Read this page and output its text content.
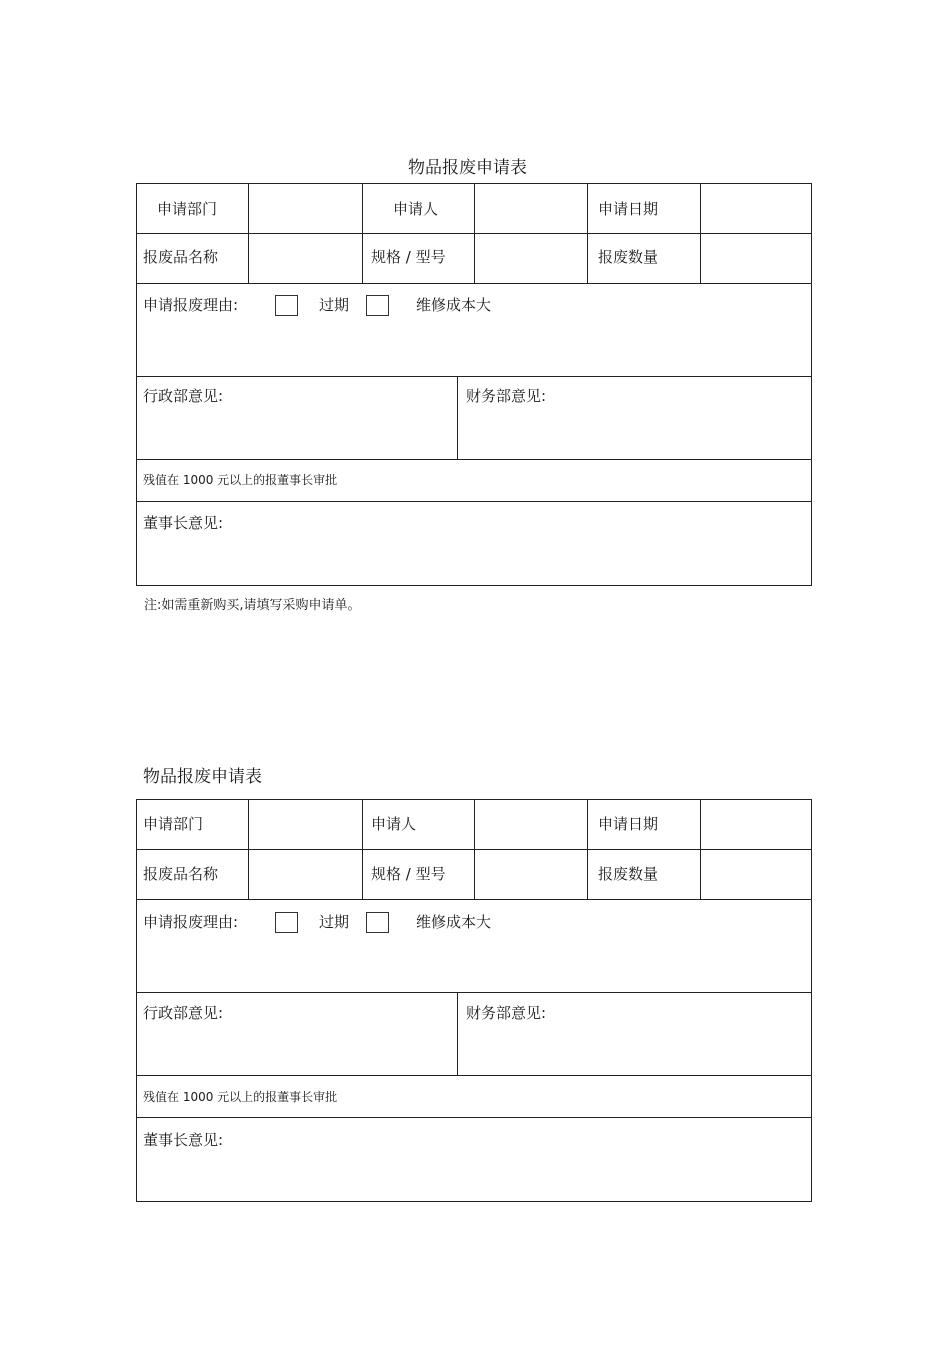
物品报废申请表
申请部门	申请人	申请日期
报废品名称	规格 / 型号	报废数量
申请报废理由:	过期	维修成本大
行政部意见:	财务部意见:
残值在 1000 元以上的报董事长审批
董事长意见:
注:如需重新购买,请填写采购申请单。
物品报废申请表
申请部门	申请人	申请日期
报废品名称	规格 / 型号	报废数量
申请报废理由:	过期	维修成本大
行政部意见:	财务部意见:
残值在 1000 元以上的报董事长审批
董事长意见:
